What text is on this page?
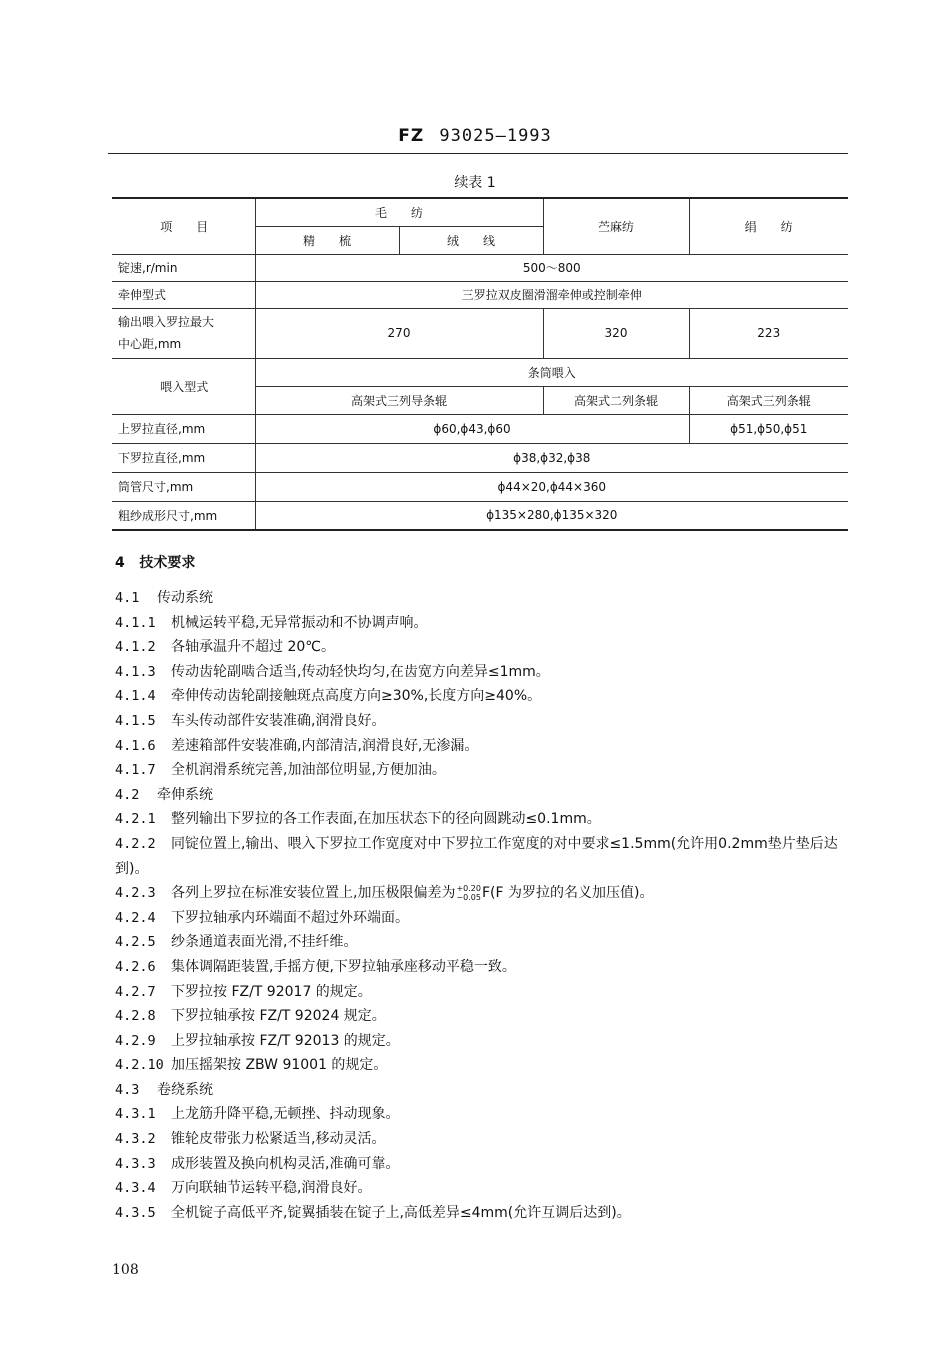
FZ 93025—1993
续表 1
项　　目	毛　　纺		苎麻纺	绢　　纺
	精　　梳	绒　　线		
锭速,r/min	500～800			
牵伸型式	三罗拉双皮圈滑溜牵伸或控制牵伸			
输出喂入罗拉最大
中心距,mm	270		320	223
喂入型式	条筒喂入			
	高架式三列导条辊		高架式二列条辊	高架式三列条辊
上罗拉直径,mm	ϕ60,ϕ43,ϕ60			ϕ51,ϕ50,ϕ51
下罗拉直径,mm	ϕ38,ϕ32,ϕ38			
筒管尺寸,mm	ϕ44×20,ϕ44×360			
粗纱成形尺寸,mm	ϕ135×280,ϕ135×320			
4 技术要求
4.1 传动系统
4.1.1 机械运转平稳,无异常振动和不协调声响。
4.1.2 各轴承温升不超过 20℃。
4.1.3 传动齿轮副啮合适当,传动轻快均匀,在齿宽方向差异≤1mm。
4.1.4 牵伸传动齿轮副接触斑点高度方向≥30%,长度方向≥40%。
4.1.5 车头传动部件安装准确,润滑良好。
4.1.6 差速箱部件安装准确,内部清洁,润滑良好,无渗漏。
4.1.7 全机润滑系统完善,加油部位明显,方便加油。
4.2 牵伸系统
4.2.1 整列输出下罗拉的各工作表面,在加压状态下的径向圆跳动≤0.1mm。
4.2.2 同锭位置上,输出、喂入下罗拉工作宽度对中下罗拉工作宽度的对中要求≤1.5mm(允许用0.2mm垫片垫后达到)。
4.2.3 各列上罗拉在标准安装位置上,加压极限偏差为 +0.20
−0.05 F(F 为罗拉的名义加压值)。
4.2.4 下罗拉轴承内环端面不超过外环端面。
4.2.5 纱条通道表面光滑,不挂纤维。
4.2.6 集体调隔距装置,手摇方便,下罗拉轴承座移动平稳一致。
4.2.7 下罗拉按 FZ/T 92017 的规定。
4.2.8 下罗拉轴承按 FZ/T 92024 规定。
4.2.9 上罗拉轴承按 FZ/T 92013 的规定。
4.2.10 加压摇架按 ZBW 91001 的规定。
4.3 卷绕系统
4.3.1 上龙筋升降平稳,无顿挫、抖动现象。
4.3.2 锥轮皮带张力松紧适当,移动灵活。
4.3.3 成形装置及换向机构灵活,准确可靠。
4.3.4 万向联轴节运转平稳,润滑良好。
4.3.5 全机锭子高低平齐,锭翼插装在锭子上,高低差异≤4mm(允许互调后达到)。
108
